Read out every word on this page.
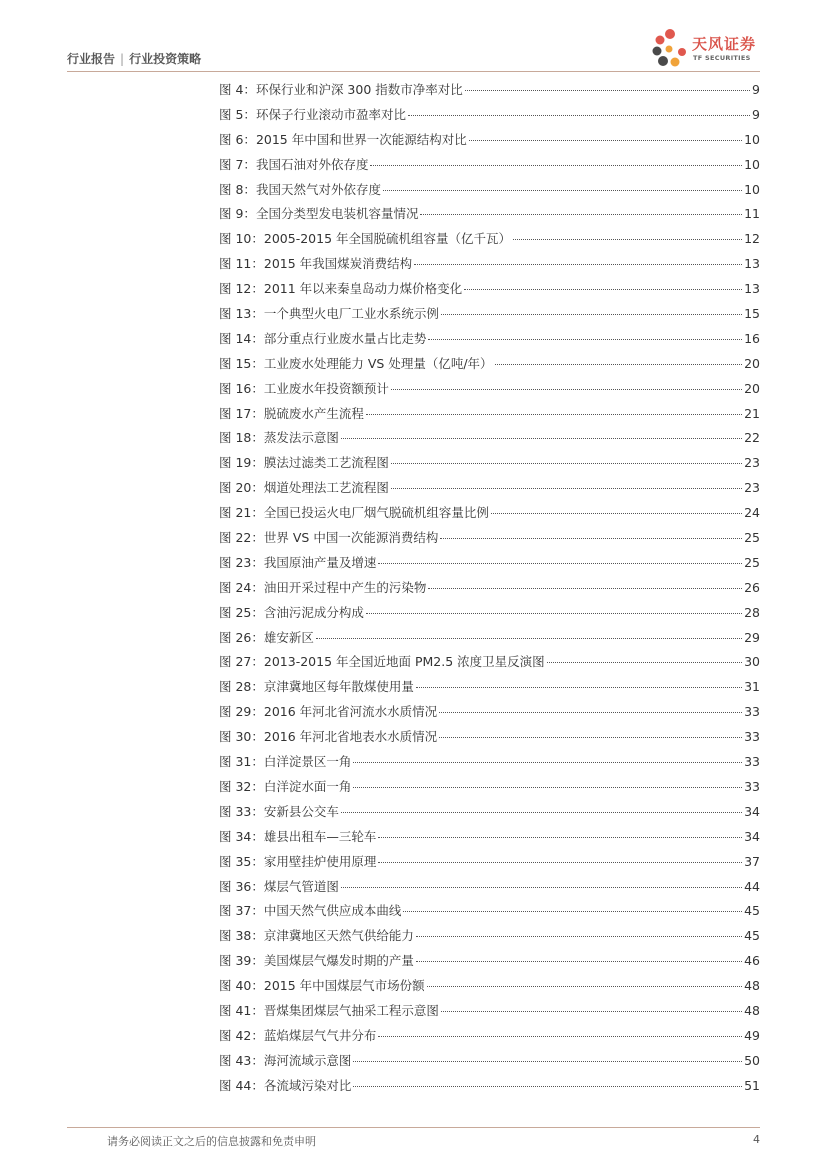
行业报告 | 行业投资策略
天风证券
TF SECURITIES
图 4： 环保行业和沪深 300 指数市净率对比	9
图 5： 环保子行业滚动市盈率对比	9
图 6： 2015 年中国和世界一次能源结构对比	10
图 7： 我国石油对外依存度	10
图 8： 我国天然气对外依存度	10
图 9： 全国分类型发电装机容量情况	11
图 10： 2005-2015 年全国脱硫机组容量（亿千瓦）	12
图 11： 2015 年我国煤炭消费结构	13
图 12： 2011 年以来秦皇岛动力煤价格变化	13
图 13： 一个典型火电厂工业水系统示例	15
图 14： 部分重点行业废水量占比走势	16
图 15： 工业废水处理能力 VS 处理量（亿吨/年）	20
图 16： 工业废水年投资额预计	20
图 17： 脱硫废水产生流程	21
图 18： 蒸发法示意图	22
图 19： 膜法过滤类工艺流程图	23
图 20： 烟道处理法工艺流程图	23
图 21： 全国已投运火电厂烟气脱硫机组容量比例	24
图 22： 世界 VS 中国一次能源消费结构	25
图 23： 我国原油产量及增速	25
图 24： 油田开采过程中产生的污染物	26
图 25： 含油污泥成分构成	28
图 26： 雄安新区	29
图 27： 2013-2015 年全国近地面 PM2.5 浓度卫星反演图	30
图 28： 京津冀地区每年散煤使用量	31
图 29： 2016 年河北省河流水水质情况	33
图 30： 2016 年河北省地表水水质情况	33
图 31： 白洋淀景区一角	33
图 32： 白洋淀水面一角	33
图 33： 安新县公交车	34
图 34： 雄县出租车—三轮车	34
图 35： 家用壁挂炉使用原理	37
图 36： 煤层气管道图	44
图 37： 中国天然气供应成本曲线	45
图 38： 京津冀地区天然气供给能力	45
图 39： 美国煤层气爆发时期的产量	46
图 40： 2015 年中国煤层气市场份额	48
图 41： 晋煤集团煤层气抽采工程示意图	48
图 42： 蓝焰煤层气气井分布	49
图 43： 海河流域示意图	50
图 44： 各流域污染对比	51
请务必阅读正文之后的信息披露和免责申明	4
